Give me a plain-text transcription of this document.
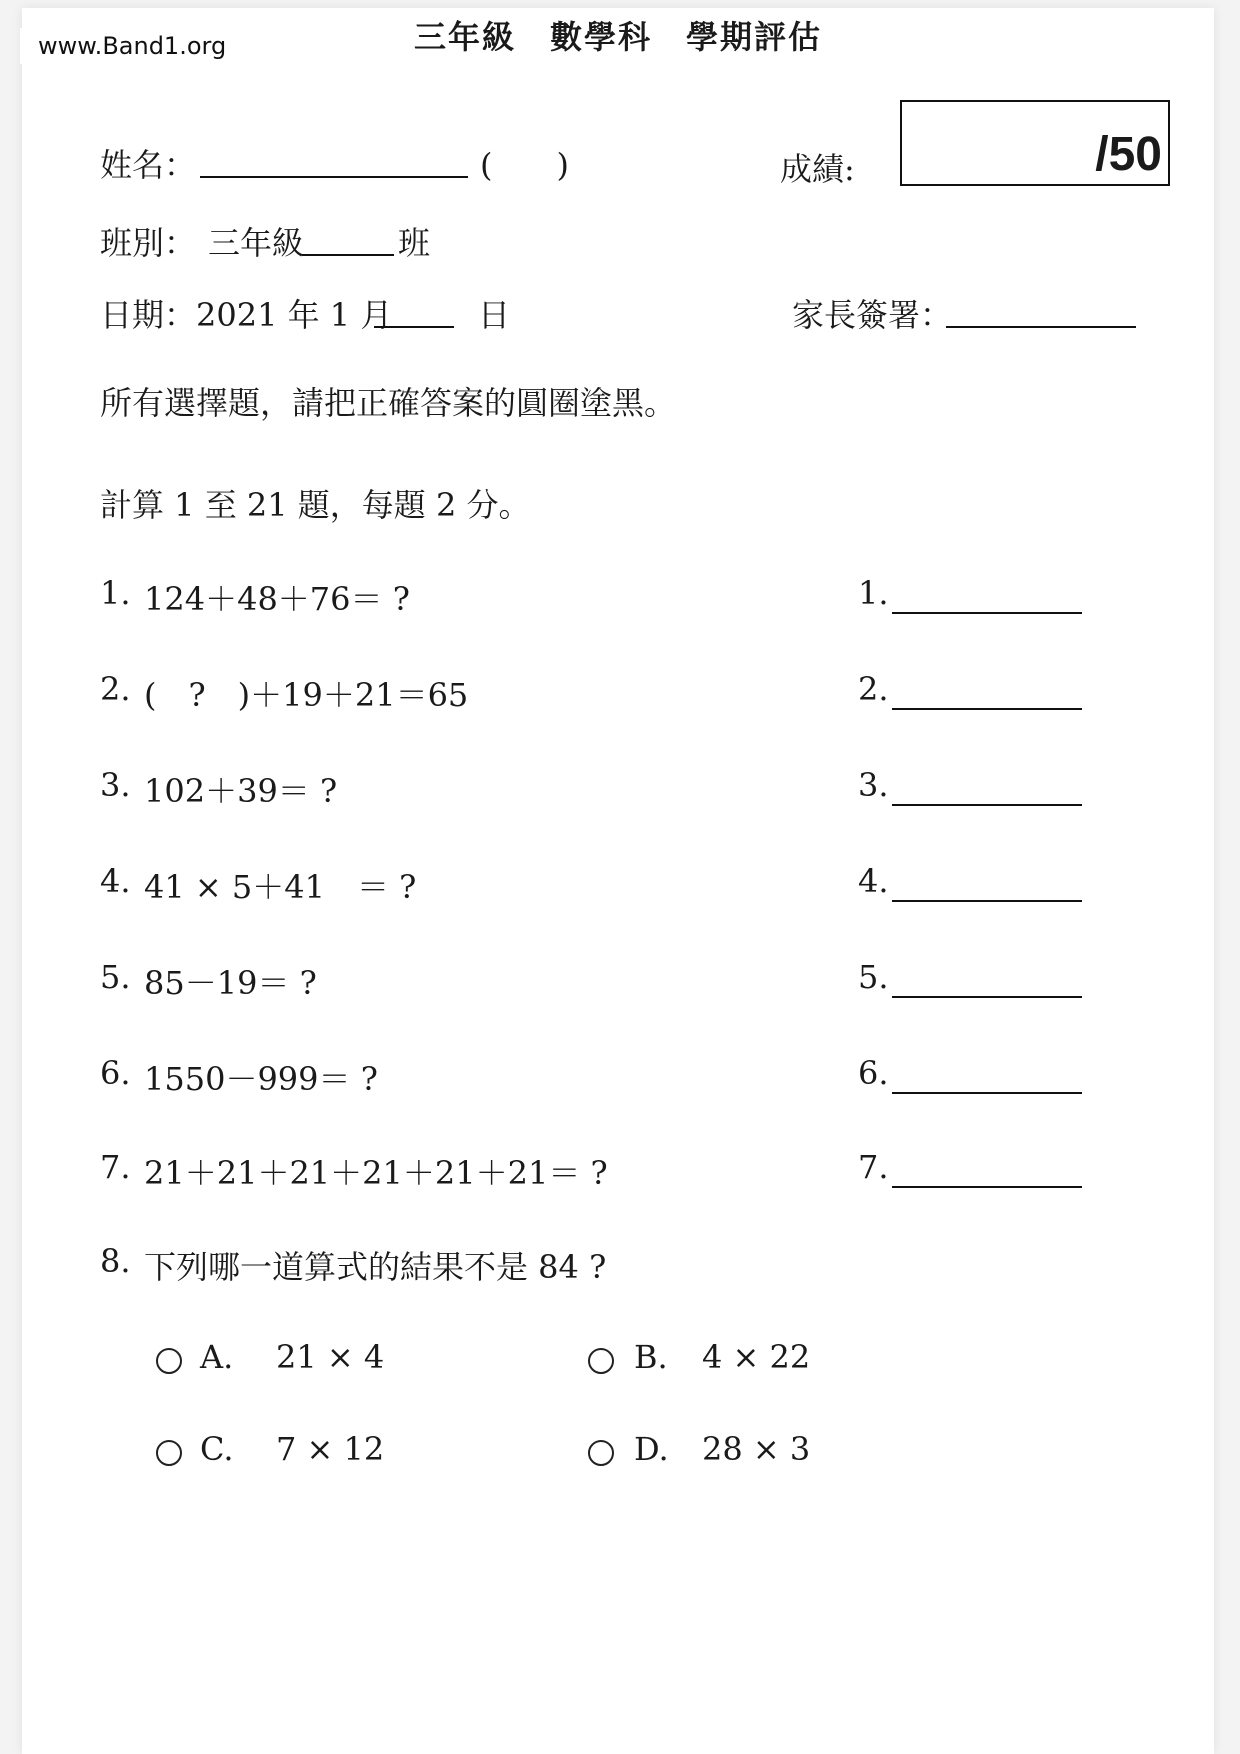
三年級　數學科　學期評估
姓名：	(　　)	成績:	/50
班別： 三年級	班
日期：2021 年 1 月	日	家長簽署：
所有選擇題，請把正確答案的圓圈塗黑。
計算 1 至 21 題，每題 2 分。
1. 124＋48＋76＝ ?	1.
2. (　?　)＋19＋21＝65	2.
3. 102＋39＝ ?	3.
4. 41 × 5＋41　＝ ?	4.
5. 85－19＝ ?	5.
6. 1550－999＝ ?	6.
7. 21＋21＋21＋21＋21＋21＝ ?	7.
8. 下列哪一道算式的結果不是 84 ?
A. 21 × 4	B. 4 × 22
C. 7 × 12	D. 28 × 3
www.Band1.org
